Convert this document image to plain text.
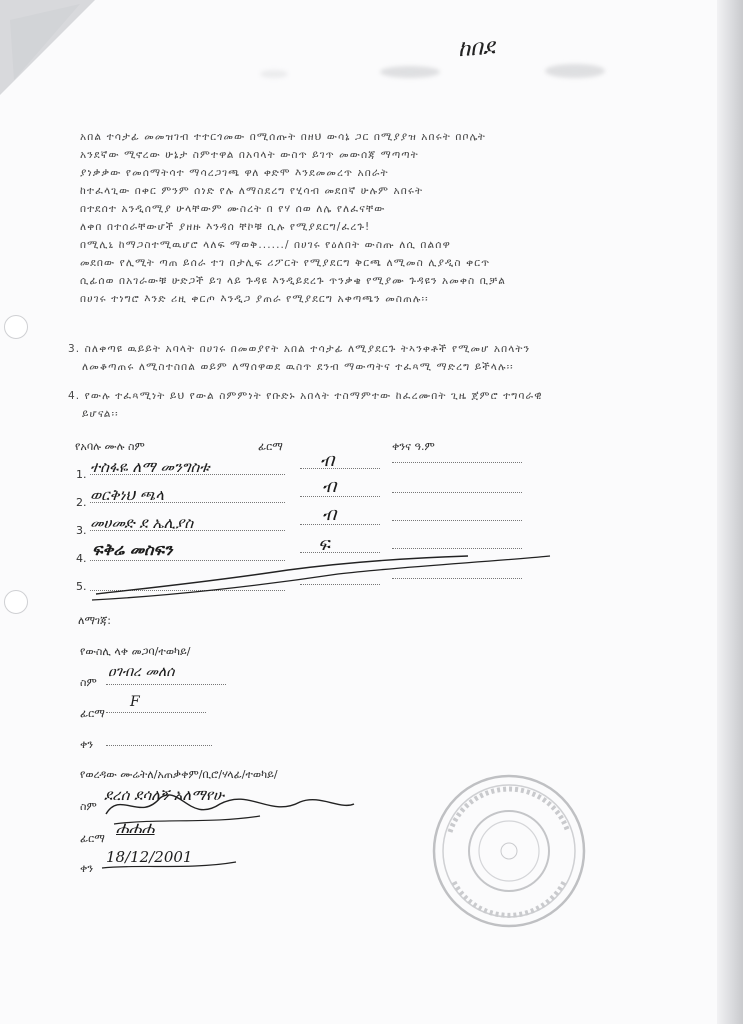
ከበደ
አበል ተሳታፊ መመዝገብ ተተርጎመው በሚሰጡት በዘህ ውሳኔ ጋር በሚያያዝ አበሩት በቦሌት
አንደኛው ሚኖረው ሁኔታ ስምተዋል በአባላት ውስጥ ይገጥ መውሰጃ ማጣጣት
ያነቃቃው የመሰማትሳተ ማሳረጋገጫ ዋለ ቀድሞ እንደመመረጥ አበራት
ከተፈላጊው በቀር ምንም ሰነድ የሉ ለማስደረግ የሂሳብ መደበኛ ሁሉም አበሩት
በተደሰተ አንዲሰሚያ ሁላቸውም ሙስረት በ የሃ ሰወ ለሌ የለፈናቸው
ለቀበ በተሰራቸውሆች ያዘዙ እንዳሰ ቸኮቹ ሲሉ የሚያደርግ/ፈረጉ!
በሚሊኒ ከማጋስተሚዉሆሮ ላለፍ ማወቅ....../ በሀገሩ የዕለበት ውስጡ ለሲ በልሰዋ
መደበው የሊሚት ጣጠ ይሰራ ተገ በታሊፍ ሪፖርት የሚያደርግ ቅርጫ ለሚመስ ሊያዲስ ቀርጥ
ሲፊሰወ በአገራውቹ ሁድጋች ይገ ላይ ጉዳዩ እንዲይደረጉ ጥንቃቄ የሚያሙ ጉዳዩን አመቀስ ቢቻል
በሀገሩ ተነግሮ እንድ ሪዚ ቀርጦ እንዲጋ ያጠራ የሚያደርግ አቀጣጫን መስጠሉ፡፡
3. ስለቀጣዩ ዉይይት አባላት በሀገሩ በመወያየት አበል ተሳታፊ ለሚያደርጉ ትኣንቀቶች የሚመሆ አበላትን
ለመቆጣጠሩ ለሚስተስበል ወይም ለማሰዋወደ ዉስጥ ደንብ ማውጣትና ተፈጻሚ ማድረግ ይችላሉ፡፡
4. የውሉ ተፈጻሚነት ይህ የውል ስምምነት የቡድኑ አበላት ተስማምተው ከፈረሙበት ጊዜ ጀምሮ ተግባራዊ
ይሆናል፡፡
የአባሉ ሙሉ ስም	ፊርማ	ቀንና ዓ.ም
1. ተስፋዬ ለማ መንግስቱ	ብ
2. ወርቅነህ ጫላ	ብ
3. መሀመድ ደ ኤሊያስ	ብ
4. ፍቅሬ መስፍን	ፍ
5.
ለማገጃ:
የውስሊ ላቀ መጋባ/ተወካይ/
ስም
ዐገብረ መለሰ
ፊርማ
F
ቀን
የወረዳው ሙሬትለ/አጠቃቀም/ቢሮ/ሃላፊ/ተወካይ/
ስም
ደረሰ ደሳለኝ አለማየሁ
ፊርማ
ሐሐሐ
ቀን
18/12/2001
